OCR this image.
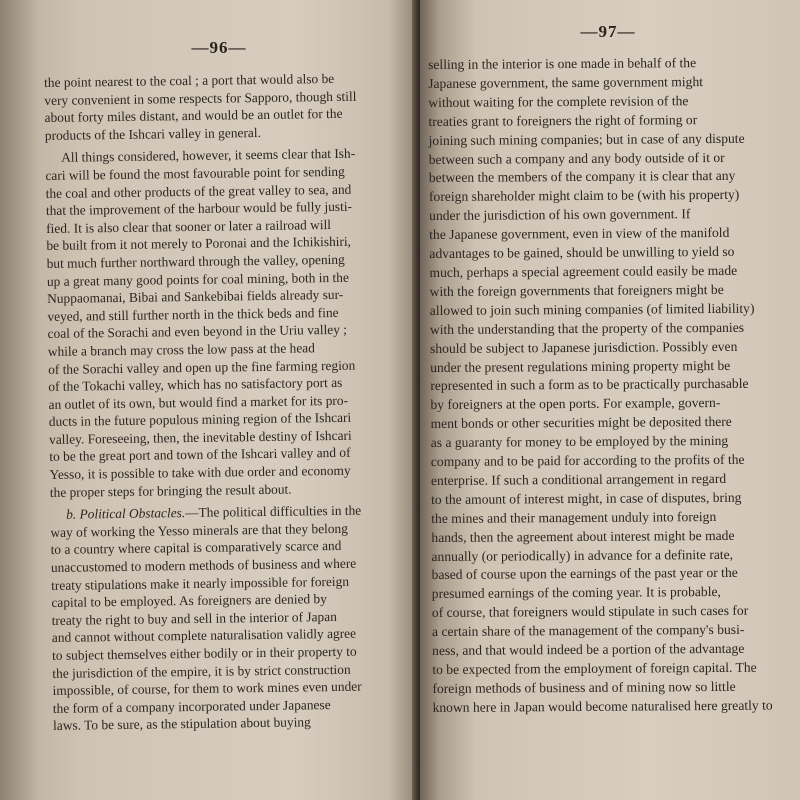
—96—

the point nearest to the coal ; a port that would also be
very convenient in some respects for Sapporo, though still
about forty miles distant, and would be an outlet for the
products of the Ishcari valley in general.

All things considered, however, it seems clear that Ish-
cari will be found the most favourable point for sending
the coal and other products of the great valley to sea, and
that the improvement of the harbour would be fully justi-
fied. It is also clear that sooner or later a railroad will
be built from it not merely to Poronai and the Ichikishiri,
but much further northward through the valley, opening
up a great many good points for coal mining, both in the
Nuppaomanai, Bibai and Sankebibai fields already sur-
veyed, and still further north in the thick beds and fine
coal of the Sorachi and even beyond in the Uriu valley ;
while a branch may cross the low pass at the head
of the Sorachi valley and open up the fine farming region
of the Tokachi valley, which has no satisfactory port as
an outlet of its own, but would find a market for its pro-
ducts in the future populous mining region of the Ishcari
valley. Foreseeing, then, the inevitable destiny of Ishcari
to be the great port and town of the Ishcari valley and of
Yesso, it is possible to take with due order and economy
the proper steps for bringing the result about.

b. Political Obstacles.—The political difficulties in the
way of working the Yesso minerals are that they belong
to a country where capital is comparatively scarce and
unaccustomed to modern methods of business and where
treaty stipulations make it nearly impossible for foreign
capital to be employed. As foreigners are denied by
treaty the right to buy and sell in the interior of Japan
and cannot without complete naturalisation validly agree
to subject themselves either bodily or in their property to
the jurisdiction of the empire, it is by strict construction
impossible, of course, for them to work mines even under
the form of a company incorporated under Japanese
laws. To be sure, as the stipulation about buying

—97—

selling in the interior is one made in behalf of the
Japanese government, the same government might
without waiting for the complete revision of the
treaties grant to foreigners the right of forming or
joining such mining companies; but in case of any dispute
between such a company and any body outside of it or
between the members of the company it is clear that any
foreign shareholder might claim to be (with his property)
under the jurisdiction of his own government. If
the Japanese government, even in view of the manifold
advantages to be gained, should be unwilling to yield so
much, perhaps a special agreement could easily be made
with the foreign governments that foreigners might be
allowed to join such mining companies (of limited liability)
with the understanding that the property of the companies
should be subject to Japanese jurisdiction. Possibly even
under the present regulations mining property might be
represented in such a form as to be practically purchasable
by foreigners at the open ports. For example, govern-
ment bonds or other securities might be deposited there
as a guaranty for money to be employed by the mining
company and to be paid for according to the profits of the
enterprise. If such a conditional arrangement in regard
to the amount of interest might, in case of disputes, bring
the mines and their management unduly into foreign
hands, then the agreement about interest might be made
annually (or periodically) in advance for a definite rate,
based of course upon the earnings of the past year or the
presumed earnings of the coming year. It is probable,
of course, that foreigners would stipulate in such cases for
a certain share of the management of the company's busi-
ness, and that would indeed be a portion of the advantage
to be expected from the employment of foreign capital. The
foreign methods of business and of mining now so little
known here in Japan would become naturalised here greatly to
